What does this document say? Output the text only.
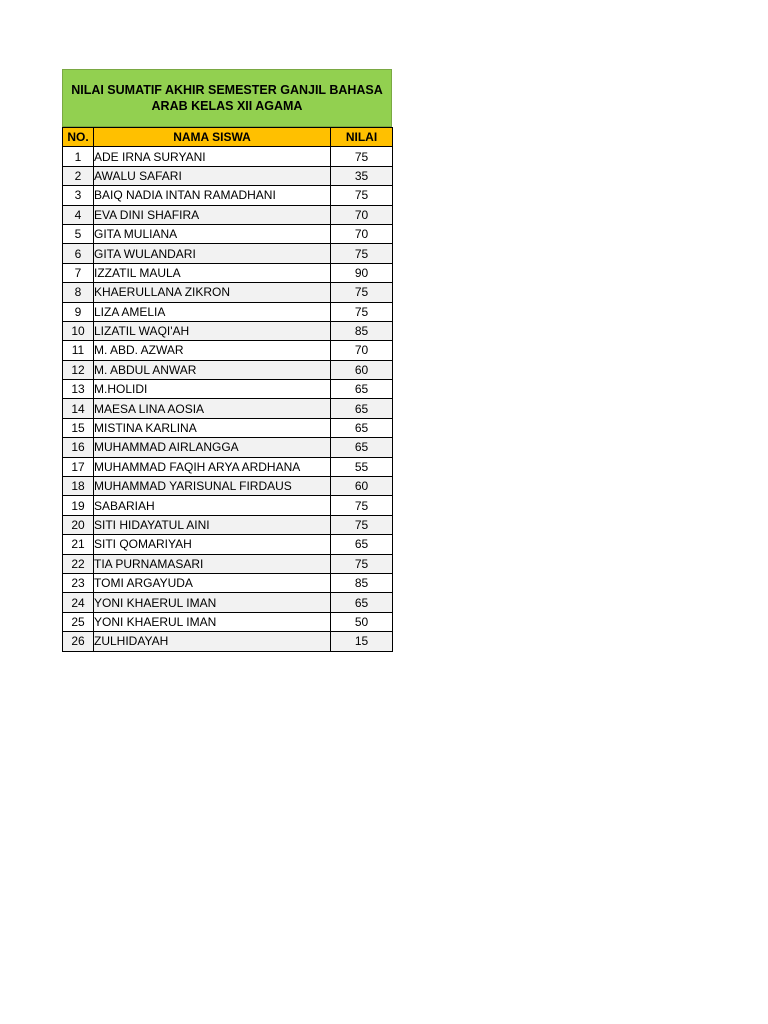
NILAI SUMATIF AKHIR SEMESTER GANJIL BAHASA ARAB KELAS XII AGAMA
NO.	NAMA SISWA	NILAI
1	ADE IRNA SURYANI	75
2	AWALU SAFARI	35
3	BAIQ NADIA INTAN RAMADHANI	75
4	EVA DINI SHAFIRA	70
5	GITA MULIANA	70
6	GITA WULANDARI	75
7	IZZATIL MAULA	90
8	KHAERULLANA ZIKRON	75
9	LIZA AMELIA	75
10	LIZATIL WAQI'AH	85
11	M. ABD. AZWAR	70
12	M. ABDUL ANWAR	60
13	M.HOLIDI	65
14	MAESA LINA AOSIA	65
15	MISTINA KARLINA	65
16	MUHAMMAD AIRLANGGA	65
17	MUHAMMAD FAQIH ARYA ARDHANA	55
18	MUHAMMAD YARISUNAL FIRDAUS	60
19	SABARIAH	75
20	SITI HIDAYATUL AINI	75
21	SITI QOMARIYAH	65
22	TIA PURNAMASARI	75
23	TOMI ARGAYUDA	85
24	YONI KHAERUL IMAN	65
25	YONI KHAERUL IMAN	50
26	ZULHIDAYAH	15
